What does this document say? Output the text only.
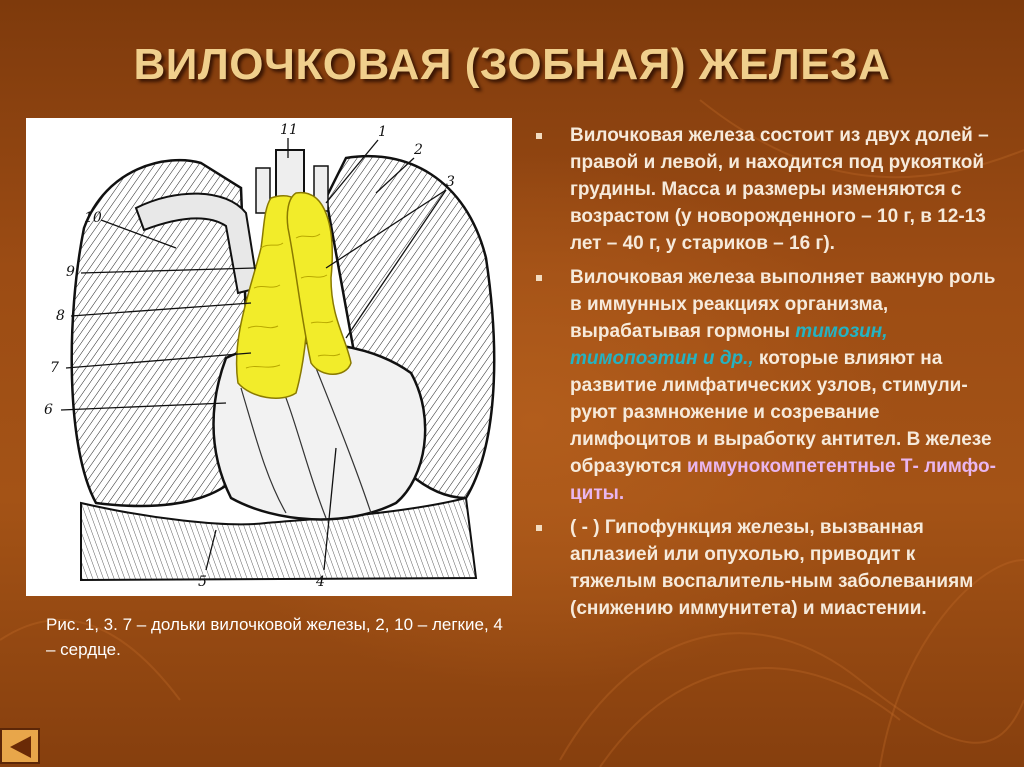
ВИЛОЧКОВАЯ (ЗОБНАЯ) ЖЕЛЕЗА
11	1
2
3
10
9
8
7
6
5	4
Рис. 1, 3. 7 – дольки вилочковой железы, 2, 10 – легкие, 4 – сердце.
Вилочковая железа состоит из двух долей – правой и левой, и находится под рукояткой грудины. Масса и размеры изменяются с возрастом (у новорожденного – 10 г, в 12-13 лет – 40 г, у стариков – 16 г).
Вилочковая железа выполняет важную роль в иммунных реакциях организма, вырабатывая гормоны тимозин, тимопоэтин и др., которые влияют на развитие лимфатических узлов, стимули-руют размножение и созревание лимфоцитов и выработку антител. В железе образуются иммунокомпетентные Т- лимфо-циты.
( - ) Гипофункция железы, вызванная аплазией или опухолью, приводит к тяжелым воспалитель-ным заболеваниям (снижению иммунитета) и миастении.
